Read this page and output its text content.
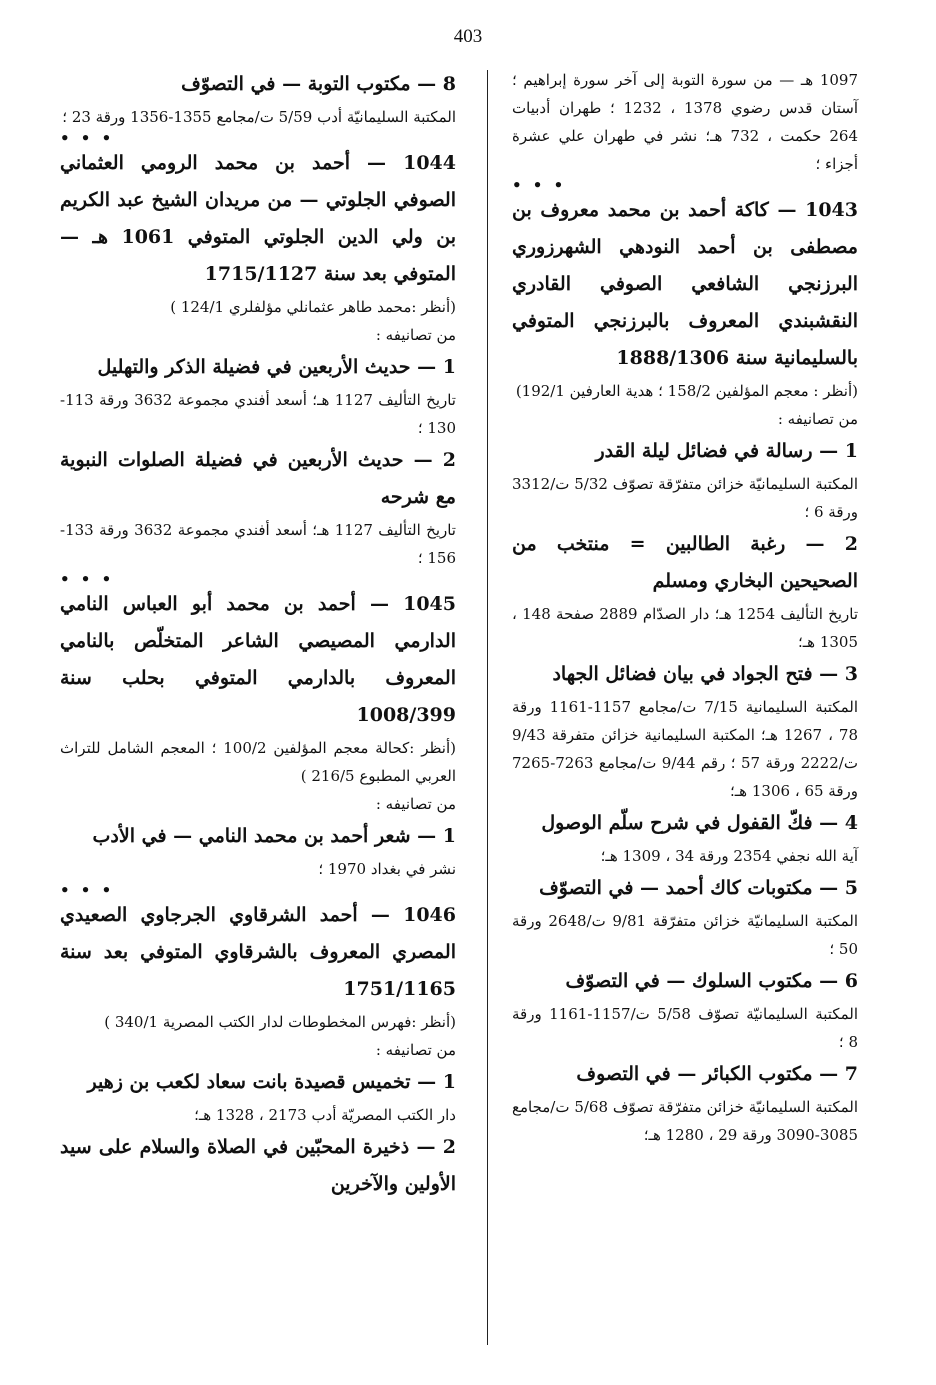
403

1097 هـ — من سورة التوبة إلى آخر سورة إبراهيم ؛ آستان قدس رضوي 1378 ، 1232 ؛ طهران أدبيات 264 حكمت ، 732 هـ؛ نشر في طهران علي عشرة أجزاء ؛

• • •

1043 — كاكة أحمد بن محمد معروف بن مصطفى بن أحمد النودهي الشهرزوري البرزنجي الشافعي الصوفي القادري النقشبندي المعروف بالبرزنجي المتوفي بالسليمانية سنة 1888/1306

(أنظر : معجم المؤلفين 158/2 ؛ هدية العارفين 192/1)

من تصانيفه :

1 — رسالة في فضائل ليلة القدر

المكتبة السليمانيّة خزائن متفرّقة تصوّف 5/32 ت/3312 ورقة 6 ؛

2 — رغبة الطالبين = منتخب من الصحيحين البخاري ومسلم

تاريخ التأليف 1254 هـ؛ دار الصدّام 2889 صفحة 148 ، 1305 هـ؛

3 — فتح الجواد في بيان فضائل الجهاد

المكتبة السليمانية 7/15 ت/مجامع 1157-1161 ورقة 78 ، 1267 هـ؛ المكتبة السليمانية خزائن متفرقة 9/43 ت/2222 ورقة 57 ؛ رقم 9/44 ت/مجامع 7263-7265 ورقة 65 ، 1306 هـ؛

4 — فكّ القفول في شرح سلّم الوصول

آية الله نجفي 2354 ورقة 34 ، 1309 هـ؛

5 — مكتوبات كاك أحمد — في التصوّف

المكتبة السليمانيّة خزائن متفرّقة 9/81 ت/2648 ورقة 50 ؛

6 — مكتوب السلوك — في التصوّف

المكتبة السليمانيّة تصوّف 5/58 ت/1157-1161 ورقة 8 ؛

7 — مكتوب الكبائر — في التصوف

المكتبة السليمانيّة خزائن متفرّقة تصوّف 5/68 ت/مجامع 3085-3090 ورقة 29 ، 1280 هـ؛

8 — مكتوب التوبة — في التصوّف

المكتبة السليمانيّة أدب 5/59 ت/مجامع 1355-1356 ورقة 23 ؛

• • •

1044 — أحمد بن محمد الرومي العثماني الصوفي الجلوتي — من مريدان الشيخ عبد الكريم بن ولي الدين الجلوتي المتوفي 1061 هـ — المتوفي بعد سنة 1715/1127

(أنظر :محمد طاهر عثمانلي مؤلفلري 124/1 )

من تصانيفه :

1 — حديث الأربعين في فضيلة الذكر والتهليل

تاريخ التأليف 1127 هـ؛ أسعد أفندي مجموعة 3632 ورقة 113-130 ؛

2 — حديث الأربعين في فضيلة الصلوات النبوية مع شرحه

تاريخ التأليف 1127 هـ؛ أسعد أفندي مجموعة 3632 ورقة 133-156 ؛

• • •

1045 — أحمد بن محمد أبو العباس النامي الدارمي المصيصي الشاعر المتخلّص بالنامي المعروف بالدارمي المتوفي بحلب سنة 1008/399

(أنظر :كحالة معجم المؤلفين 100/2 ؛ المعجم الشامل للتراث العربي المطبوع 216/5 )

من تصانيفه :

1 — شعر أحمد بن محمد النامي — في الأدب

نشر في بغداد 1970 ؛

• • •

1046 — أحمد الشرقاوي الجرجاوي الصعيدي المصري المعروف بالشرقاوي المتوفي بعد سنة 1751/1165

(أنظر :فهرس المخطوطات لدار الكتب المصرية 340/1 )

من تصانيفه :

1 — تخميس قصيدة بانت سعاد لكعب بن زهير

دار الكتب المصريّة أدب 2173 ، 1328 هـ؛

2 — ذخيرة المحبّين في الصلاة والسلام على سيد الأولين والآخرين
